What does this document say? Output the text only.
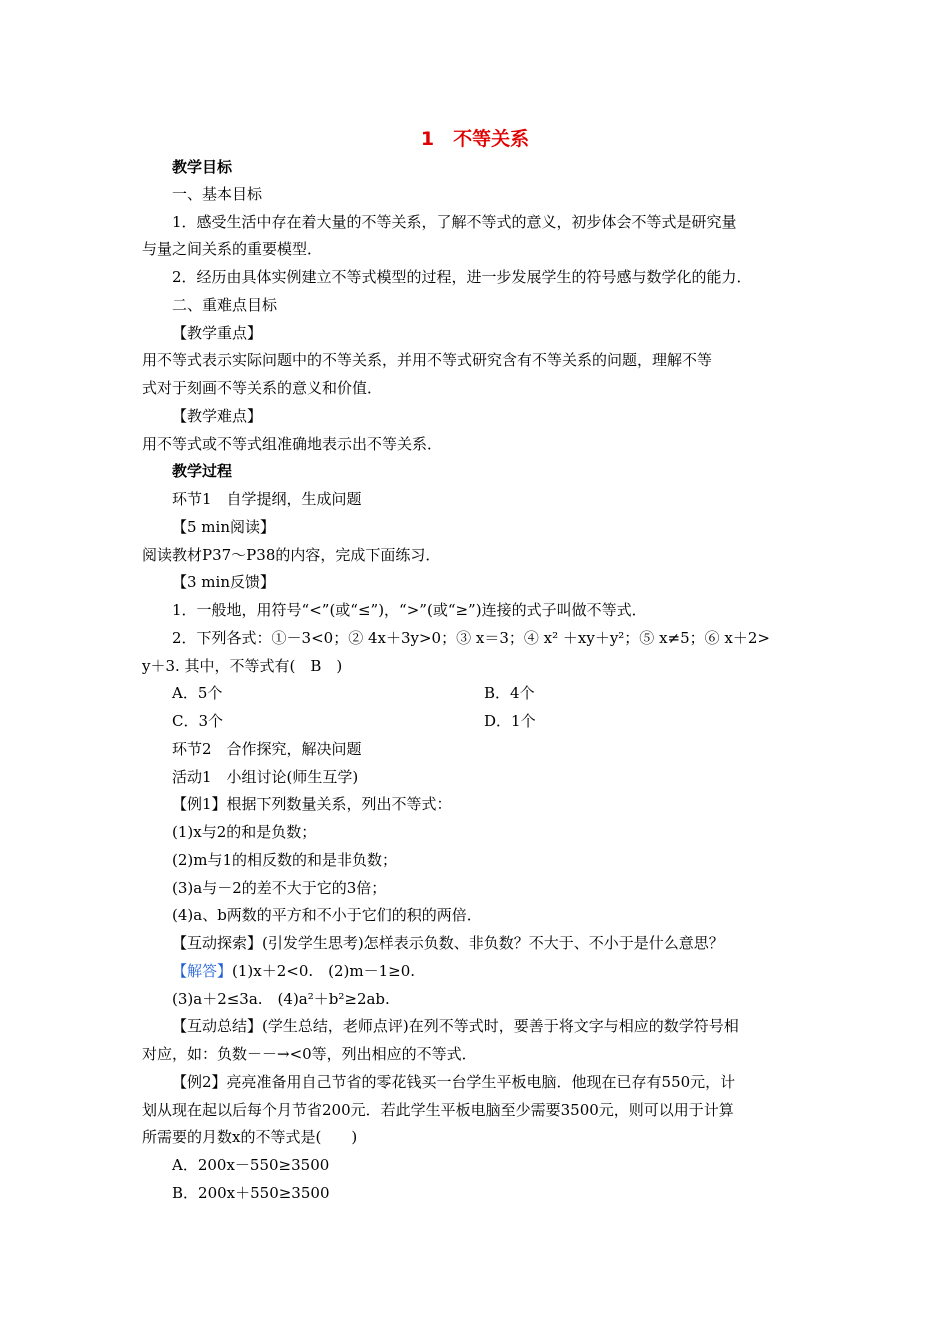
1　不等关系
教学目标
一、基本目标
1．感受生活中存在着大量的不等关系，了解不等式的意义，初步体会不等式是研究量
与量之间关系的重要模型．
2．经历由具体实例建立不等式模型的过程，进一步发展学生的符号感与数学化的能力．
二、重难点目标
【教学重点】
用不等式表示实际问题中的不等关系，并用不等式研究含有不等关系的问题，理解不等
式对于刻画不等关系的意义和价值．
【教学难点】
用不等式或不等式组准确地表示出不等关系．
教学过程
环节1　自学提纲，生成问题
【5 min阅读】
阅读教材P37～P38的内容，完成下面练习．
【3 min反馈】
1．一般地，用符号“<”(或“≤”)，“>”(或“≥”)连接的式子叫做不等式．
2．下列各式：①－3<0；② 4x＋3y>0；③ x＝3；④ x² ＋xy＋y²；⑤ x≠5；⑥ x＋2>
y＋3. 其中，不等式有(　B　)
A．5个	B．4个
C．3个	D．1个
环节2　合作探究，解决问题
活动1　小组讨论(师生互学)
【例1】根据下列数量关系，列出不等式：
(1)x与2的和是负数；
(2)m与1的相反数的和是非负数；
(3)a与－2的差不大于它的3倍；
(4)a、b两数的平方和不小于它们的积的两倍．
【互动探索】(引发学生思考)怎样表示负数、非负数？不大于、不小于是什么意思？
【解答】(1)x＋2<0.　(2)m－1≥0.
(3)a＋2≤3a.　(4)a²＋b²≥2ab.
【互动总结】(学生总结，老师点评)在列不等式时，要善于将文字与相应的数学符号相
对应，如：负数－－→<0等，列出相应的不等式．
【例2】亮亮准备用自己节省的零花钱买一台学生平板电脑．他现在已存有550元，计
划从现在起以后每个月节省200元．若此学生平板电脑至少需要3500元，则可以用于计算
所需要的月数x的不等式是(　　)
A．200x－550≥3500
B．200x＋550≥3500
